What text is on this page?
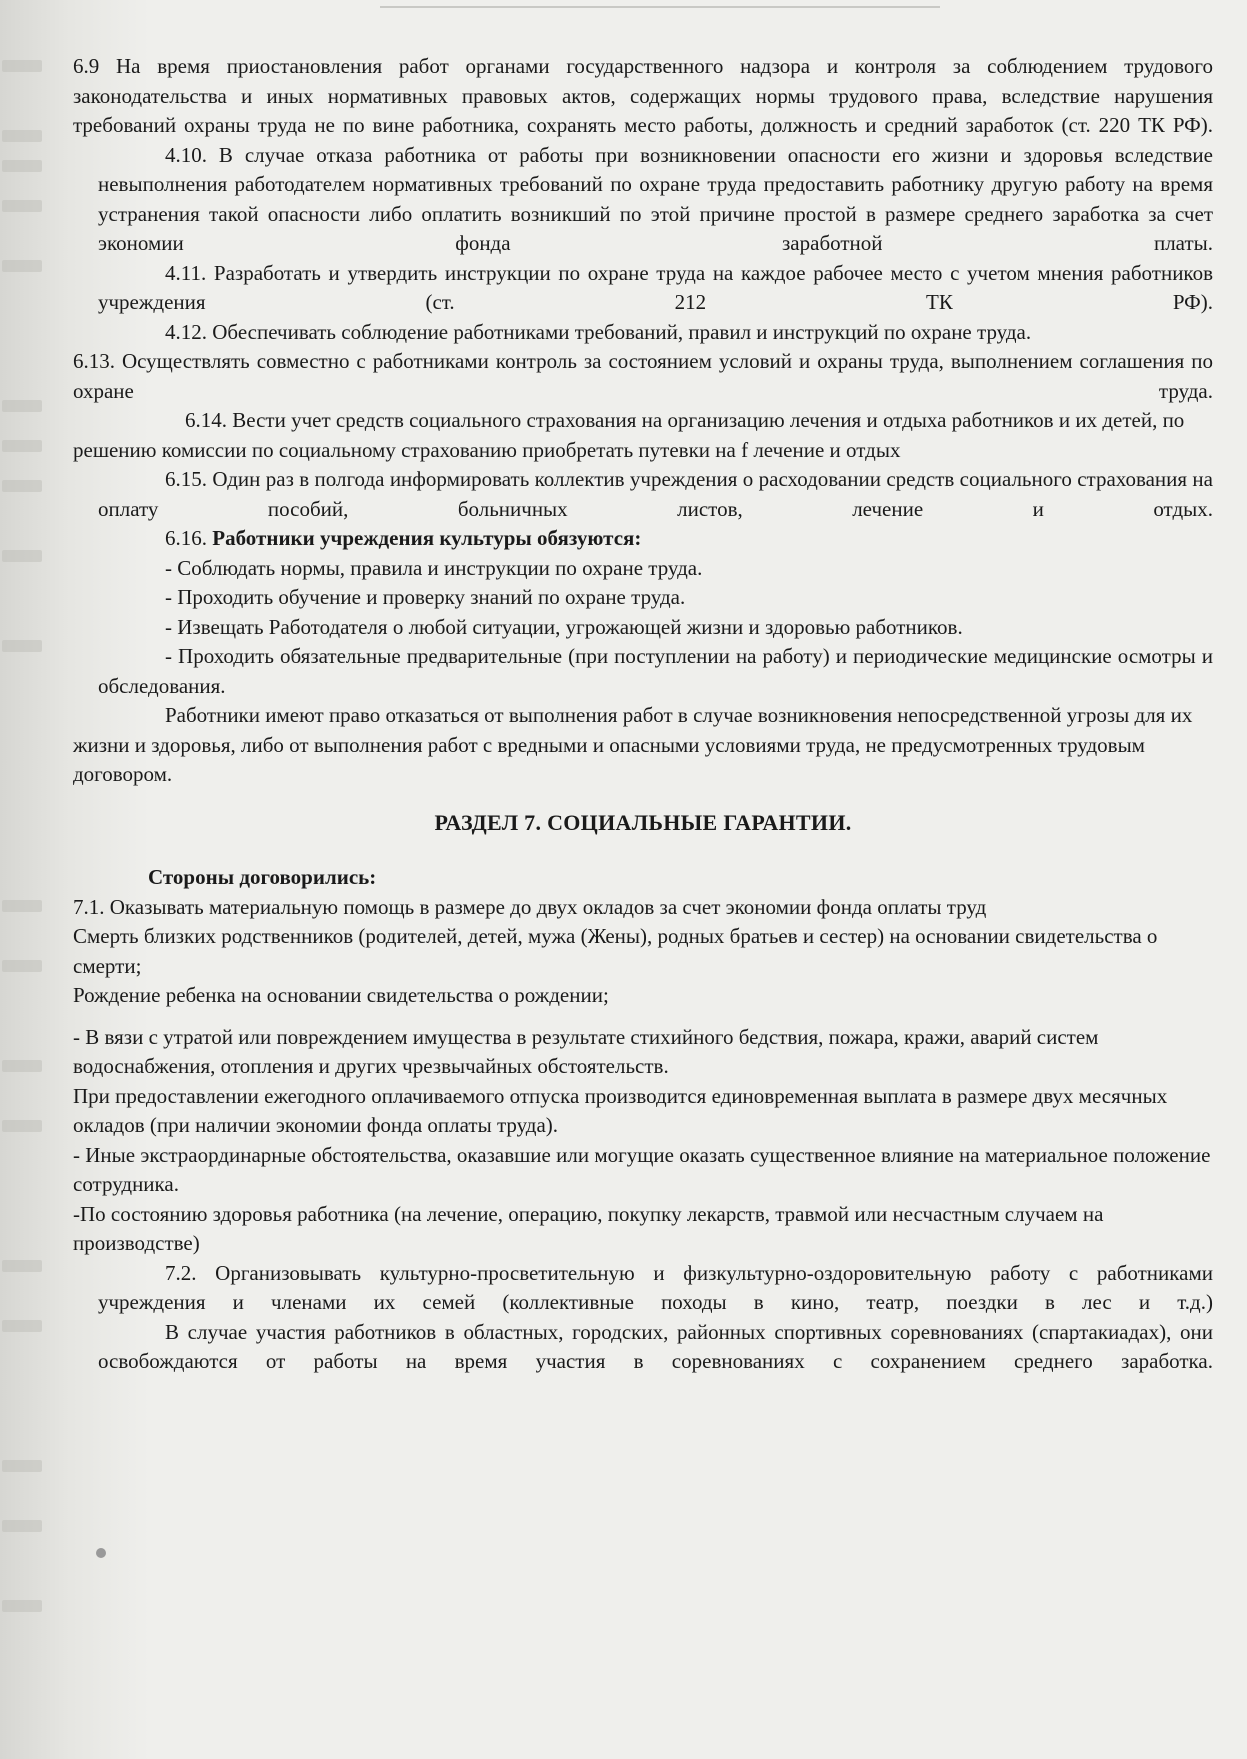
6.9 На время приостановления работ органами государственного надзора и контроля за соблюдением трудового законодательства и иных нормативных правовых актов, содержащих нормы трудового права, вследствие нарушения требований охраны труда не по вине работника, сохранять место работы, должность и средний заработок (ст. 220 ТК РФ).

4.10. В случае отказа работника от работы при возникновении опасности его жизни и здоровья вследствие невыполнения работодателем нормативных требований по охране труда предоставить работнику другую работу на время устранения такой опасности либо оплатить возникший по этой причине простой в размере среднего заработка за счет экономии фонда заработной платы.

4.11. Разработать и утвердить инструкции по охране труда на каждое рабочее место с учетом мнения работников учреждения (ст. 212 ТК РФ).

4.12. Обеспечивать соблюдение работниками требований, правил и инструкций по охране труда.

6.13. Осуществлять совместно с работниками контроль за состоянием условий и охраны труда, выполнением соглашения по охране труда.

6.14. Вести учет средств социального страхования на организацию лечения и отдыха работников и их детей, по решению комиссии по социальному страхованию приобретать путевки на f лечение и отдых

6.15. Один раз в полгода информировать коллектив учреждения о расходовании средств социального страхования на оплату пособий, больничных листов, лечение и отдых.

6.16. Работники учреждения культуры обязуются:

- Соблюдать нормы, правила и инструкции по охране труда.

- Проходить обучение и проверку знаний по охране труда.

- Извещать Работодателя о любой ситуации, угрожающей жизни и здоровью работников.

- Проходить обязательные предварительные (при поступлении на работу) и периодические медицинские осмотры и обследования.

Работники имеют право отказаться от выполнения работ в случае возникновения непосредственной угрозы для их жизни и здоровья, либо от выполнения работ с вредными и опасными условиями труда, не предусмотренных трудовым договором.

РАЗДЕЛ 7. СОЦИАЛЬНЫЕ ГАРАНТИИ.

Стороны договорились:

7.1. Оказывать материальную помощь в размере до двух окладов за счет экономии фонда оплаты труд

Смерть близких родственников (родителей, детей, мужа (Жены), родных братьев и сестер) на основании свидетельства о смерти;

Рождение ребенка на основании свидетельства о рождении;

- В вязи с утратой или повреждением имущества в результате стихийного бедствия, пожара, кражи, аварий систем водоснабжения, отопления и других чрезвычайных обстоятельств.

При предоставлении ежегодного оплачиваемого отпуска производится единовременная выплата в размере двух месячных окладов (при наличии экономии фонда оплаты труда).

- Иные экстраординарные обстоятельства, оказавшие или могущие оказать существенное влияние на материальное положение сотрудника.

-По состоянию здоровья работника (на лечение, операцию, покупку лекарств, травмой или несчастным случаем на производстве)

7.2. Организовывать культурно-просветительную и физкультурно-оздоровительную работу с работниками учреждения и членами их семей (коллективные походы в кино, театр, поездки в лес и т.д.)

В случае участия работников в областных, городских, районных спортивных соревнованиях (спартакиадах), они освобождаются от работы на время участия в соревнованиях с сохранением среднего заработка.
